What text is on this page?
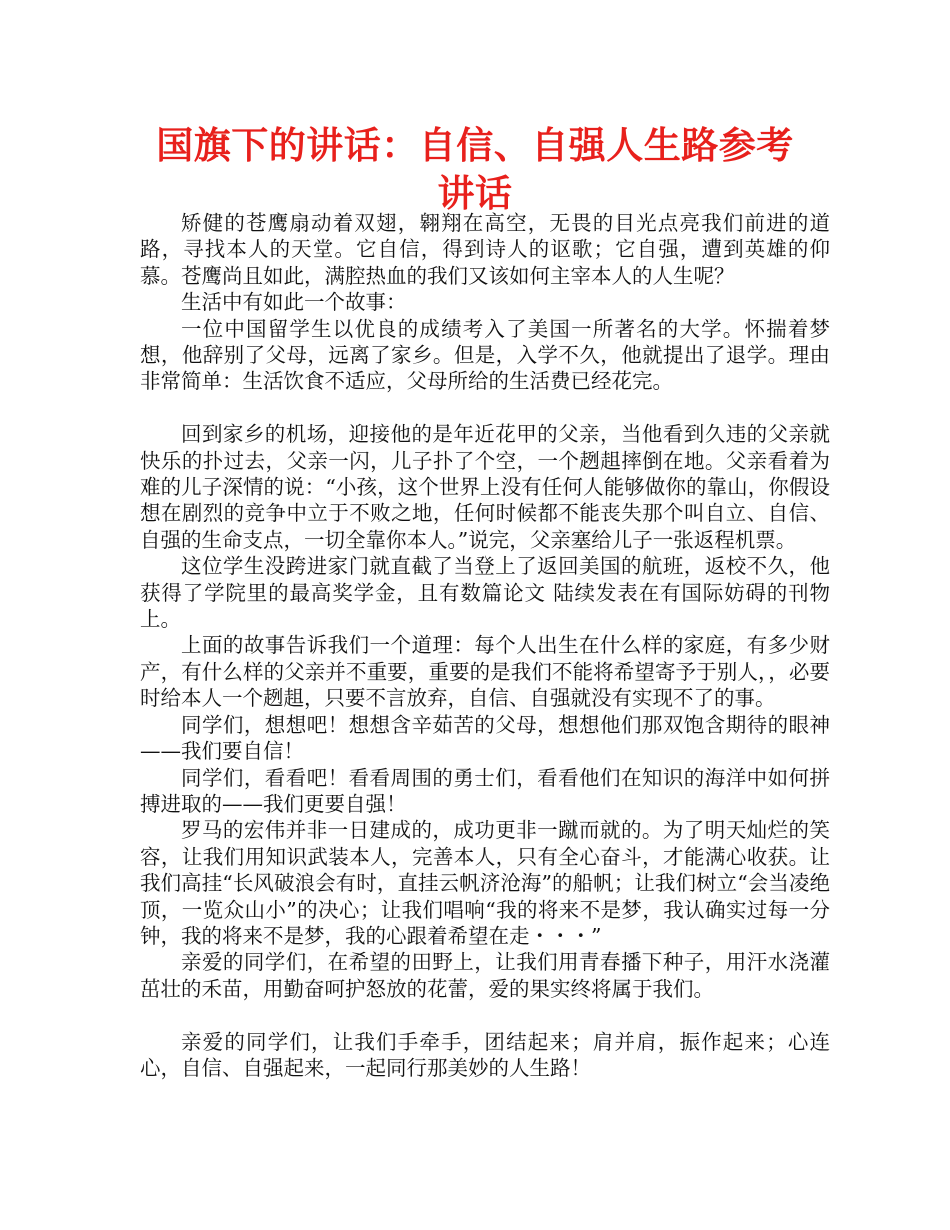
国旗下的讲话：自信、自强人生路参考讲话

矫健的苍鹰扇动着双翅，翱翔在高空，无畏的目光点亮我们前进的道路，寻找本人的天堂。它自信，得到诗人的讴歌；它自强，遭到英雄的仰慕。苍鹰尚且如此，满腔热血的我们又该如何主宰本人的人生呢？

生活中有如此一个故事：

一位中国留学生以优良的成绩考入了美国一所著名的大学。怀揣着梦想，他辞别了父母，远离了家乡。但是，入学不久，他就提出了退学。理由非常简单：生活饮食不适应，父母所给的生活费已经花完。

回到家乡的机场，迎接他的是年近花甲的父亲，当他看到久违的父亲就快乐的扑过去，父亲一闪，儿子扑了个空，一个趔趄摔倒在地。父亲看着为难的儿子深情的说：“小孩，这个世界上没有任何人能够做你的靠山，你假设想在剧烈的竞争中立于不败之地，任何时候都不能丧失那个叫自立、自信、自强的生命支点，一切全靠你本人。”说完，父亲塞给儿子一张返程机票。

这位学生没跨进家门就直截了当登上了返回美国的航班，返校不久，他获得了学院里的最高奖学金，且有数篇论文 陆续发表在有国际妨碍的刊物上。

上面的故事告诉我们一个道理：每个人出生在什么样的家庭，有多少财产，有什么样的父亲并不重要，重要的是我们不能将希望寄予于别人，，必要时给本人一个趔趄，只要不言放弃，自信、自强就没有实现不了的事。

同学们，想想吧！想想含辛茹苦的父母，想想他们那双饱含期待的眼神——我们要自信！

同学们，看看吧！看看周围的勇士们，看看他们在知识的海洋中如何拼搏进取的——我们更要自强！

罗马的宏伟并非一日建成的，成功更非一蹴而就的。为了明天灿烂的笑容，让我们用知识武装本人，完善本人，只有全心奋斗，才能满心收获。让我们高挂“长风破浪会有时，直挂云帆济沧海”的船帆；让我们树立“会当凌绝顶，一览众山小”的决心；让我们唱响“我的将来不是梦，我认确实过每一分钟，我的将来不是梦，我的心跟着希望在走・・・”

亲爱的同学们，在希望的田野上，让我们用青春播下种子，用汗水浇灌茁壮的禾苗，用勤奋呵护怒放的花蕾，爱的果实终将属于我们。

亲爱的同学们，让我们手牵手，团结起来；肩并肩，振作起来；心连心，自信、自强起来，一起同行那美妙的人生路！
